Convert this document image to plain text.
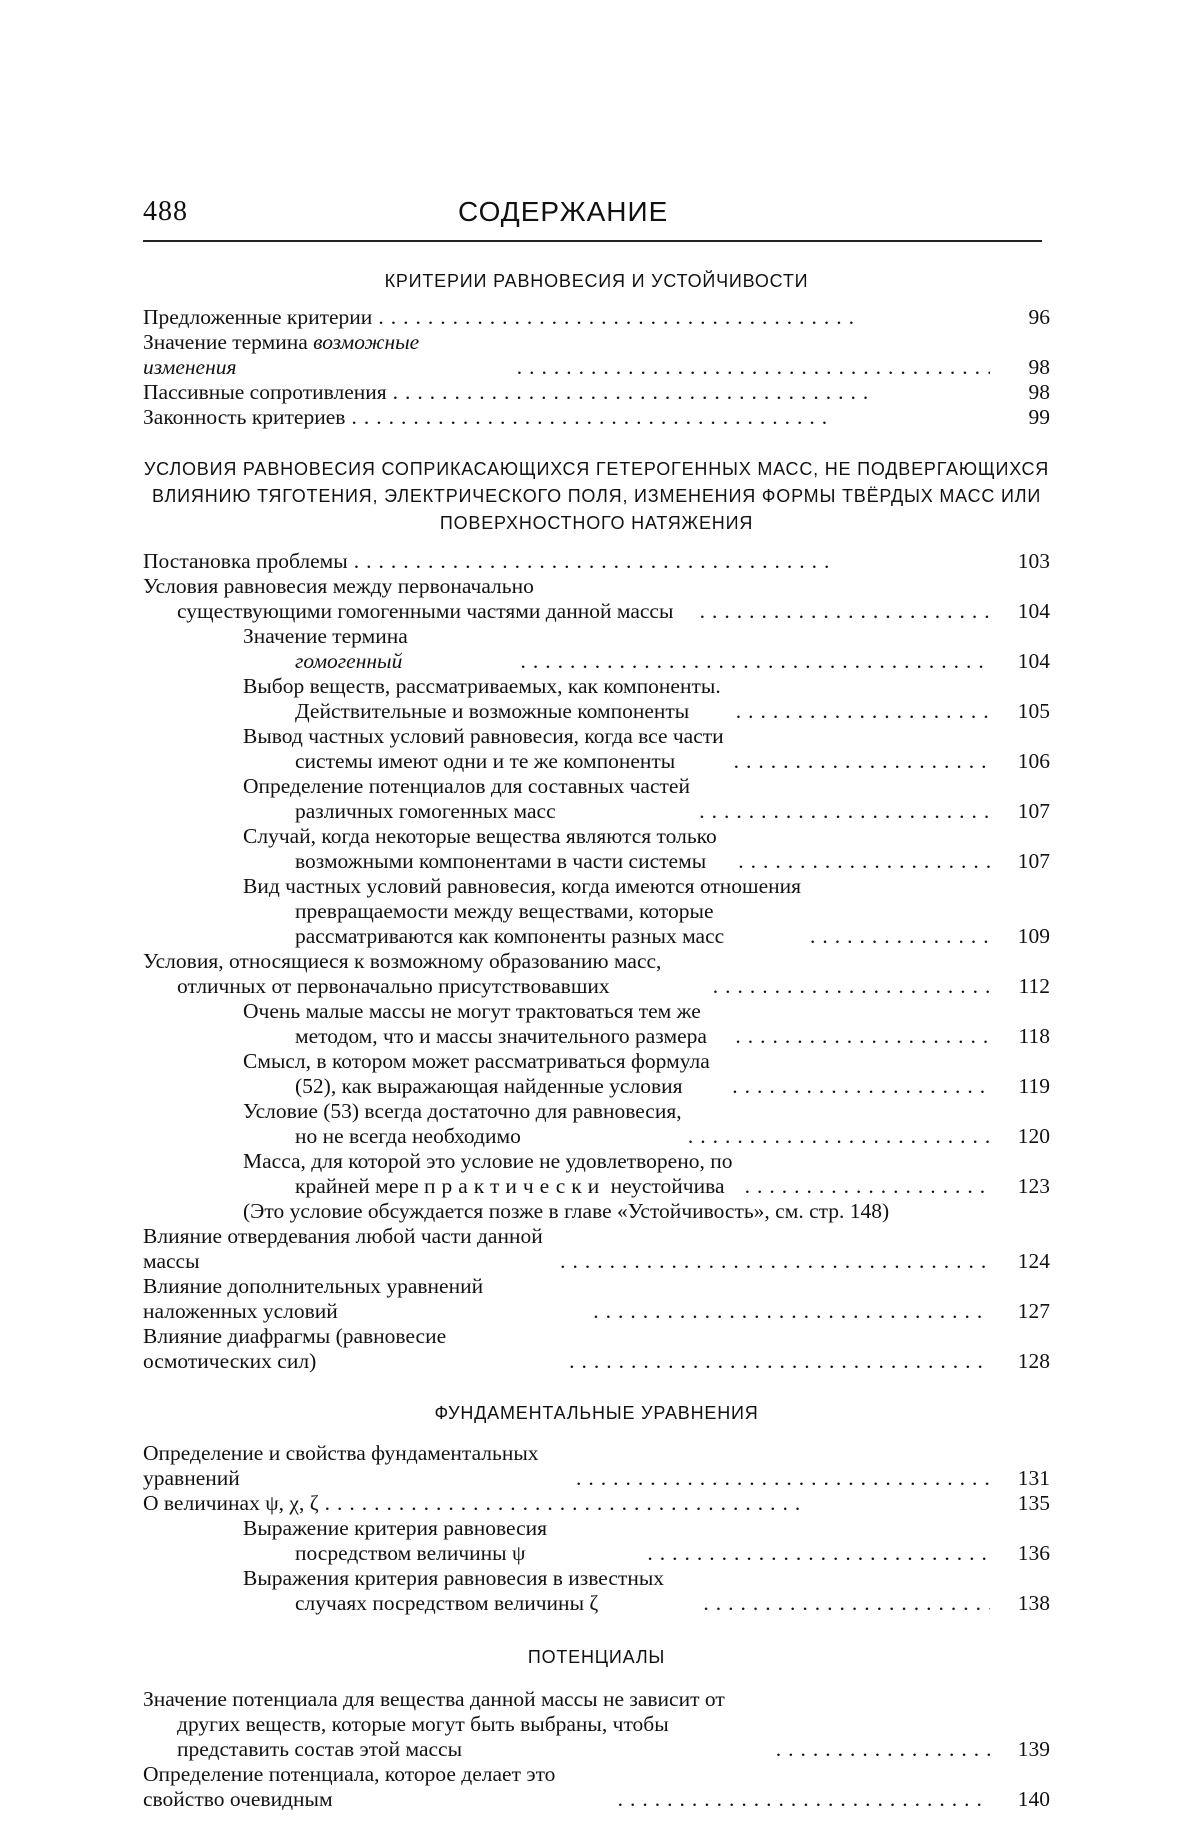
488	СОДЕРЖАНИЕ
КРИТЕРИИ РАВНОВЕСИЯ И УСТОЙЧИВОСТИ
Предложенные критерии .......................................	96
Значение термина возможные изменения	.......................................	98
Пассивные сопротивления .......................................	98
Законность критериев .......................................	99
УСЛОВИЯ РАВНОВЕСИЯ СОПРИКАСАЮЩИХСЯ ГЕТЕРОГЕННЫХ МАСС, НЕ ПОДВЕРГАЮЩИХСЯ ВЛИЯНИЮ ТЯГОТЕНИЯ, ЭЛЕКТРИЧЕСКОГО ПОЛЯ, ИЗМЕНЕНИЯ ФОРМЫ ТВЁРДЫХ МАСС ИЛИ ПОВЕРХНОСТНОГО НАТЯЖЕНИЯ
Постановка проблемы .......................................	103
Условия равновесия между первоначально существующими гомогенными частями данной массы	.......................	104
Значение термина гомогенный	....................................... 104
Выбор веществ, рассматриваемых, как компоненты. Действительные и возможные компоненты	....................	105
Вывод частных условий равновесия, когда все части системы имеют одни и те же компоненты	....................	106
Определение потенциалов для составных частей различных гомогенных масс	.......................	107
Случай, когда некоторые вещества являются только возможными компонентами в части системы	....................	107
Вид частных условий равновесия, когда имеются отношения превращаемости между веществами, которые рассматриваются как компоненты разных масс	..............	109
Условия, относящиеся к возможному образованию масс, отличных от первоначально присутствовавших	......................	112
Очень малые массы не могут трактоваться тем же методом, что и массы значительного размера	....................	118
Смысл, в котором может рассматриваться формула (52), как выражающая найденные условия	.....................	119
Условие (53) всегда достаточно для равновесия, но не всегда необходимо	........................	120
Масса, для которой это условие не удовлетворено, по крайней мере практически неустойчива ...................	123
(Это условие обсуждается позже в главе «Устойчивость», см. стр. 148)
Влияние отвердевания любой части данной массы	..................................	124
Влияние дополнительных уравнений наложенных условий	................................	127
Влияние диафрагмы (равновесие осмотических сил)	..................................	128
ФУНДАМЕНТАЛЬНЫЕ УРАВНЕНИЯ
Определение и свойства фундаментальных уравнений	.................................	131
О величинах ψ, χ, ζ .......................................	135
Выражение критерия равновесия посредством величины ψ	...........................	136
Выражения критерия равновесия в известных случаях посредством величины ζ	.......................	138
ПОТЕНЦИАЛЫ
Значение потенциала для вещества данной массы не зависит от других веществ, которые могут быть выбраны, чтобы представить состав этой массы	................... 139
Определение потенциала, которое делает это свойство очевидным	..............................	140
